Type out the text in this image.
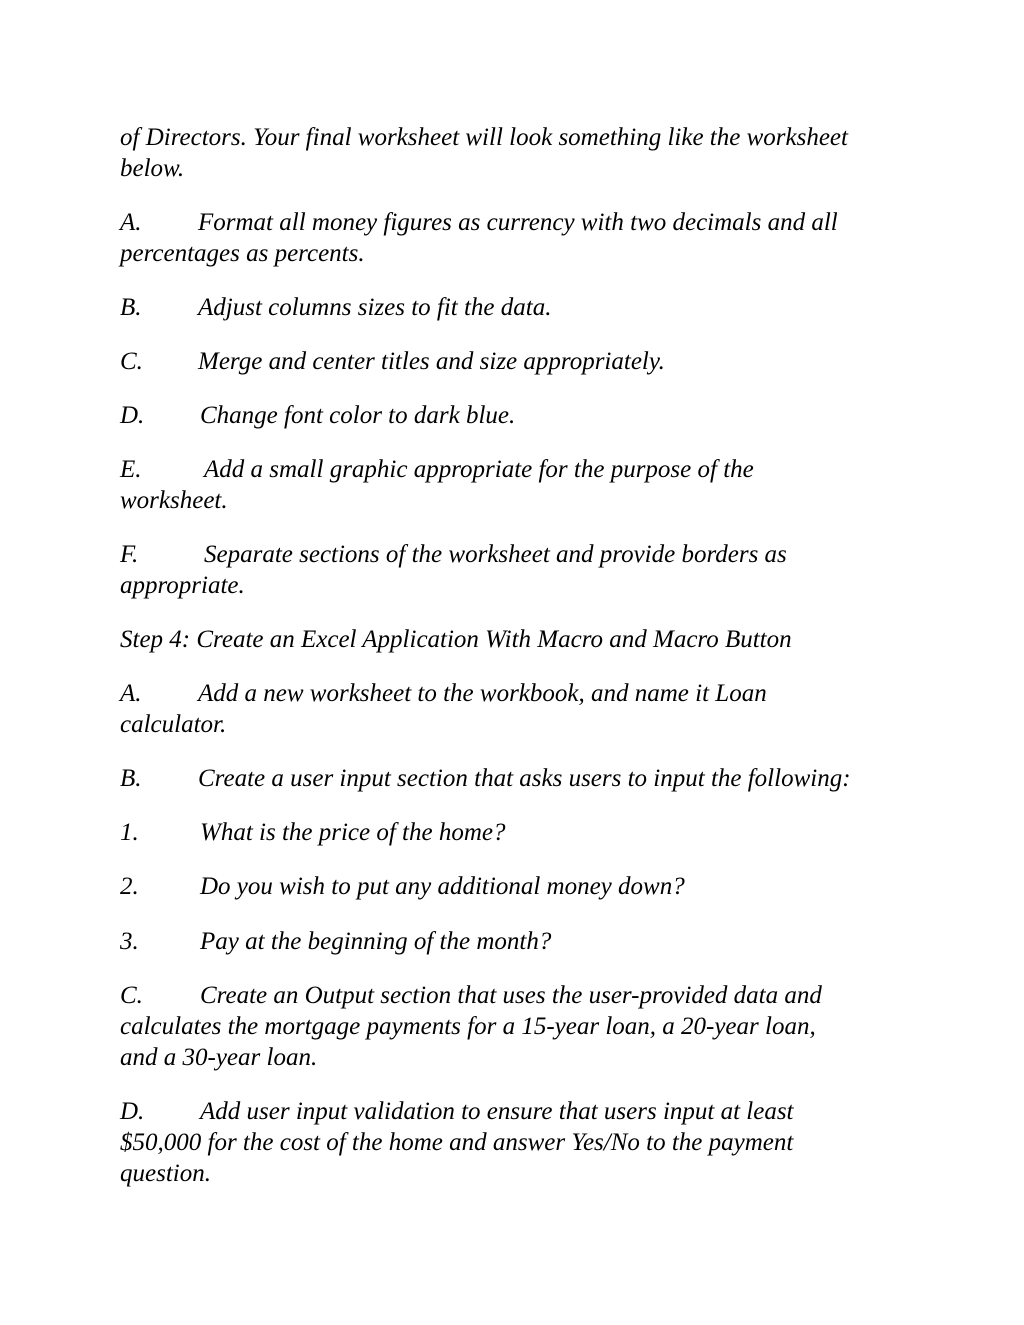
of Directors. Your final worksheet will look something like the worksheet
below.

A. Format all money figures as currency with two decimals and all
percentages as percents.

B. Adjust columns sizes to fit the data.

C. Merge and center titles and size appropriately.

D. Change font color to dark blue.

E. Add a small graphic appropriate for the purpose of the
worksheet.

F.	Separate sections of the worksheet and provide borders as
appropriate.

Step 4: Create an Excel Application With Macro and Macro Button

A. Add a new worksheet to the workbook, and name it Loan
calculator.

B. Create a user input section that asks users to input the following:

1. What is the price of the home?

2. Do you wish to put any additional money down?

3. Pay at the beginning of the month?

C. Create an Output section that uses the user-provided data and
calculates the mortgage payments for a 15-year loan, a 20-year loan,
and a 30-year loan.

D. Add user input validation to ensure that users input at least
$50,000 for the cost of the home and answer Yes/No to the payment
question.
